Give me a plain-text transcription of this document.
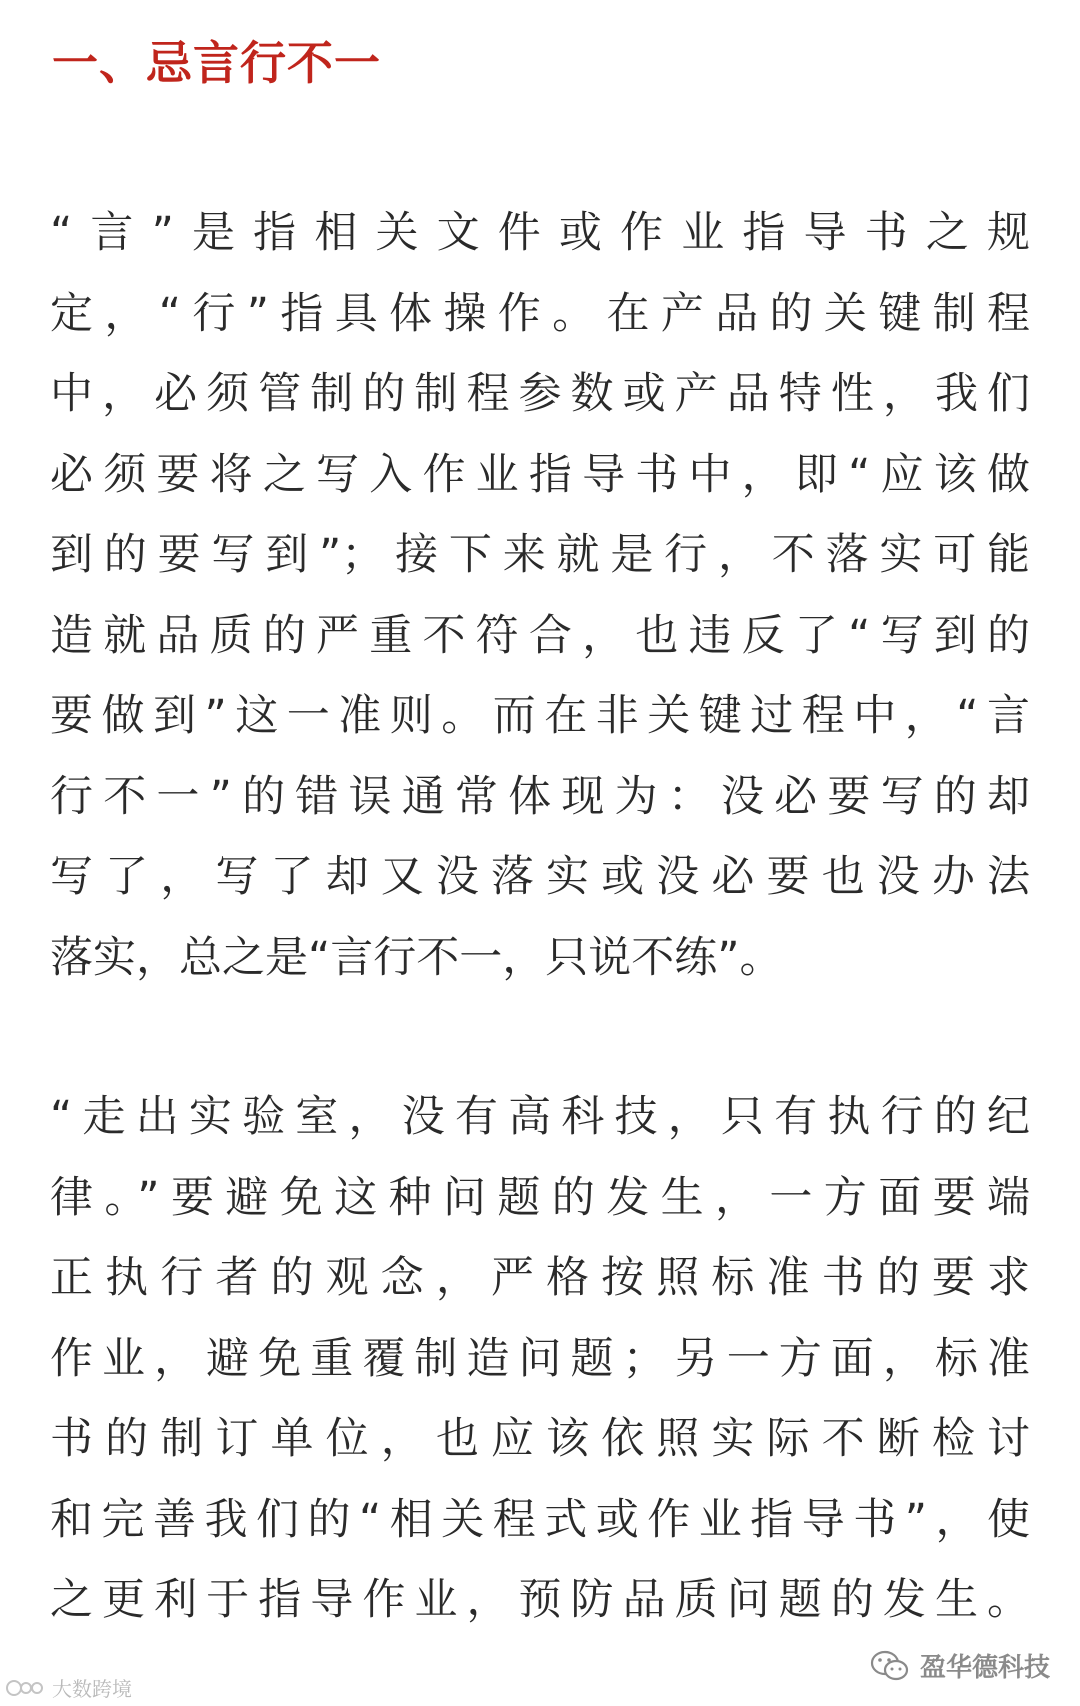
一、忌言行不一
“言”是指相关文件或作业指导书之规
定，“行”指具体操作。在产品的关键制程
中，必须管制的制程参数或产品特性，我们
必须要将之写入作业指导书中，即“应该做
到的要写到”；接下来就是行，不落实可能
造就品质的严重不符合，也违反了“写到的
要做到”这一准则。而在非关键过程中，“言
行不一”的错误通常体现为：没必要写的却
写了，写了却又没落实或没必要也没办法
落实，总之是“言行不一，只说不练”。
“走出实验室，没有高科技，只有执行的纪
律。”要避免这种问题的发生，一方面要端
正执行者的观念，严格按照标准书的要求
作业，避免重覆制造问题；另一方面，标准
书的制订单位，也应该依照实际不断检讨
和完善我们的“相关程式或作业指导书”，使
之更利于指导作业，预防品质问题的发生。
大数跨境
盈华德科技
